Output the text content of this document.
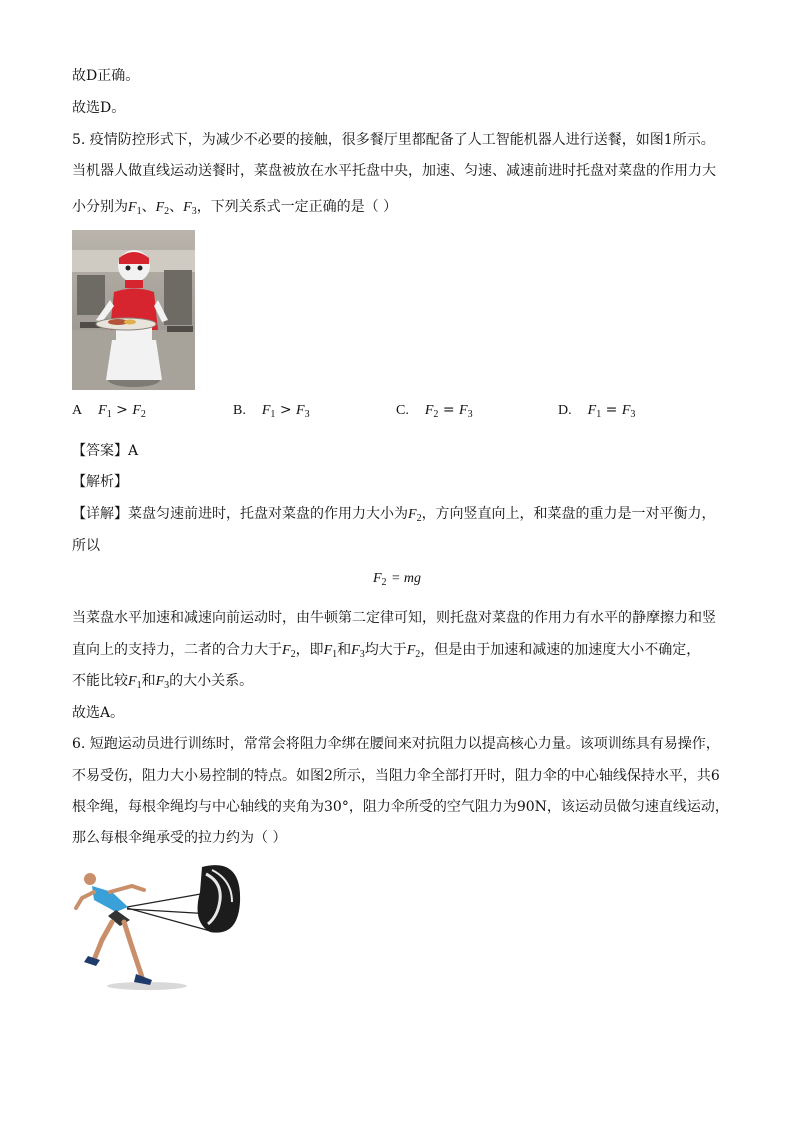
故D正确。
故选D。
5. 疫情防控形式下，为减少不必要的接触，很多餐厅里都配备了人工智能机器人进行送餐，如图1所示。
当机器人做直线运动送餐时，菜盘被放在水平托盘中央，加速、匀速、减速前进时托盘对菜盘的作用力大
小分别为$F_1$、$F_2$、$F_3$，下列关系式一定正确的是（ ）
A $F_1 > F_2$	B. $F_1 > F_3$	C. $F_2 = F_3$	D. $F_1 = F_3$
【答案】A
【解析】
【详解】菜盘匀速前进时，托盘对菜盘的作用力大小为$F_2$，方向竖直向上，和菜盘的重力是一对平衡力，
所以
$F_2$ = mg
当菜盘水平加速和减速向前运动时，由牛顿第二定律可知，则托盘对菜盘的作用力有水平的静摩擦力和竖
直向上的支持力，二者的合力大于$F_2$，即$F_1$和$F_3$均大于$F_2$，但是由于加速和减速的加速度大小不确定，
不能比较$F_1$和$F_3$的大小关系。
故选A。
6. 短跑运动员进行训练时，常常会将阻力伞绑在腰间来对抗阻力以提高核心力量。该项训练具有易操作，
不易受伤，阻力大小易控制的特点。如图2所示，当阻力伞全部打开时，阻力伞的中心轴线保持水平，共6
根伞绳，每根伞绳均与中心轴线的夹角为30°，阻力伞所受的空气阻力为90N，该运动员做匀速直线运动，
那么每根伞绳承受的拉力约为（ ）
